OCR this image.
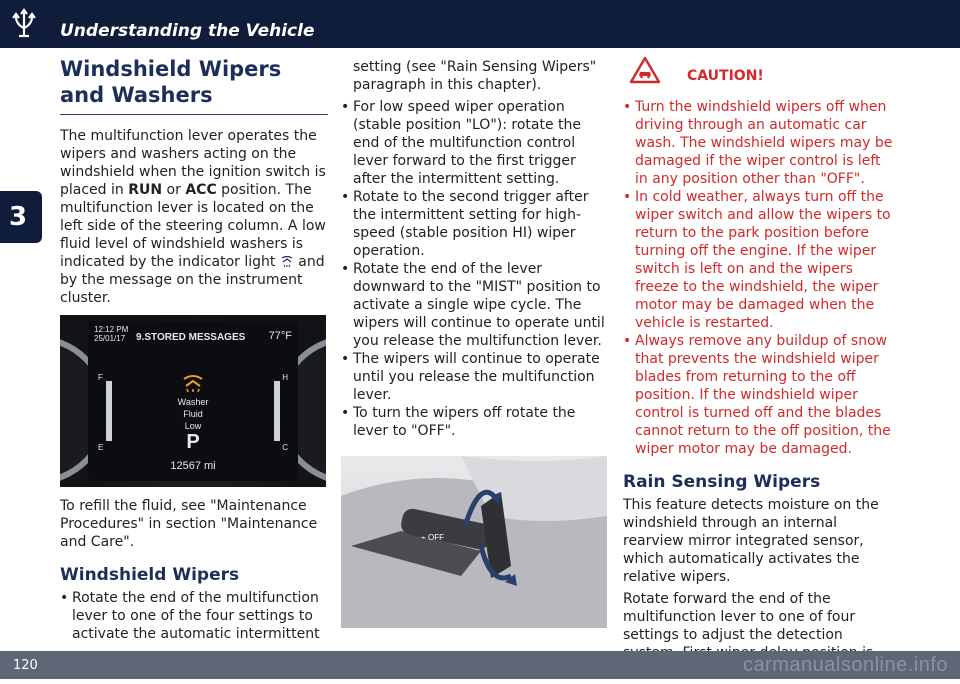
Understanding the Vehicle
3
Windshield Wipers and Washers

The multifunction lever operates the wipers and washers acting on the windshield when the ignition switch is placed in RUN or ACC position. The multifunction lever is located on the left side of the steering column. A low fluid level of windshield washers is indicated by the indicator light  and by the message on the instrument cluster.

12:12 PM
25/01/17	9.STORED MESSAGES 77°F
F
E
H
C
Washer
Fluid
Low
P
12567 mi

To refill the fluid, see "Maintenance Procedures" in section "Maintenance and Care".

Windshield Wipers
• Rotate the end of the multifunction lever to one of the four settings to activate the automatic intermittent

setting (see "Rain Sensing Wipers" paragraph in this chapter).

• For low speed wiper operation (stable position "LO"): rotate the end of the multifunction control lever forward to the first trigger after the intermittent setting.
• Rotate to the second trigger after the intermittent setting for high-speed (stable position HI) wiper operation.
• Rotate the end of the lever downward to the "MIST" position to activate a single wipe cycle. The wipers will continue to operate until you release the multifunction lever.
• The wipers will continue to operate until you release the multifunction lever.
• To turn the wipers off rotate the lever to "OFF".
⌁ OFF
CAUTION!
• Turn the windshield wipers off when driving through an automatic car wash. The windshield wipers may be damaged if the wiper control is left in any position other than "OFF".
• In cold weather, always turn off the wiper switch and allow the wipers to return to the park position before turning off the engine. If the wiper switch is left on and the wipers freeze to the windshield, the wiper motor may be damaged when the vehicle is restarted.
• Always remove any buildup of snow that prevents the windshield wiper blades from returning to the off position. If the windshield wiper control is turned off and the blades cannot return to the off position, the wiper motor may be damaged.
Rain Sensing Wipers

This feature detects moisture on the windshield through an internal rearview mirror integrated sensor, which automatically activates the relative wipers.

Rotate forward the end of the multifunction lever to one of four settings to adjust the detection

120	carmanualsonline.info
